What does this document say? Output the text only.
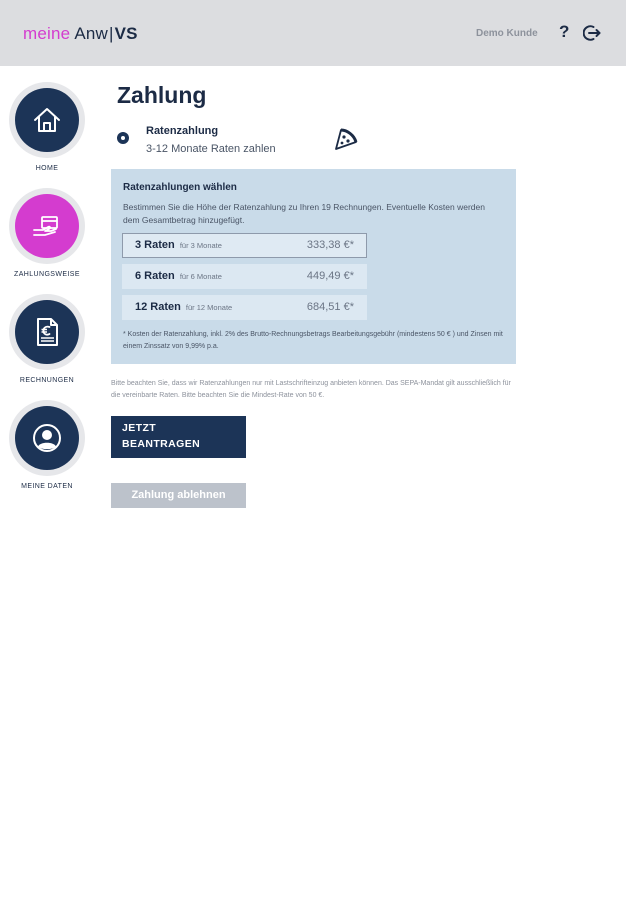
meine Anw|VS	Demo Kunde ?
HOME
ZAHLUNGSWEISE
RECHNUNGEN
MEINE DATEN
Zahlung
Ratenzahlung
3-12 Monate Raten zahlen
Ratenzahlungen wählen
Bestimmen Sie die Höhe der Ratenzahlung zu Ihren 19 Rechnungen. Eventuelle Kosten werden dem Gesamtbetrag hinzugefügt.
3 Raten für 3 Monate	333,38 €*
6 Raten für 6 Monate	449,49 €*
12 Raten für 12 Monate	684,51 €*
* Kosten der Ratenzahlung, inkl. 2% des Brutto-Rechnungsbetrags Bearbeitungsgebühr (mindestens 50 € ) und Zinsen mit einem Zinssatz von 9,99% p.a.
Bitte beachten Sie, dass wir Ratenzahlungen nur mit Lastschrifteinzug anbieten können. Das SEPA-Mandat gilt ausschließlich für die vereinbarte Raten. Bitte beachten Sie die Mindest-Rate von 50 €.
JETZT
BEANTRAGEN
Zahlung ablehnen
